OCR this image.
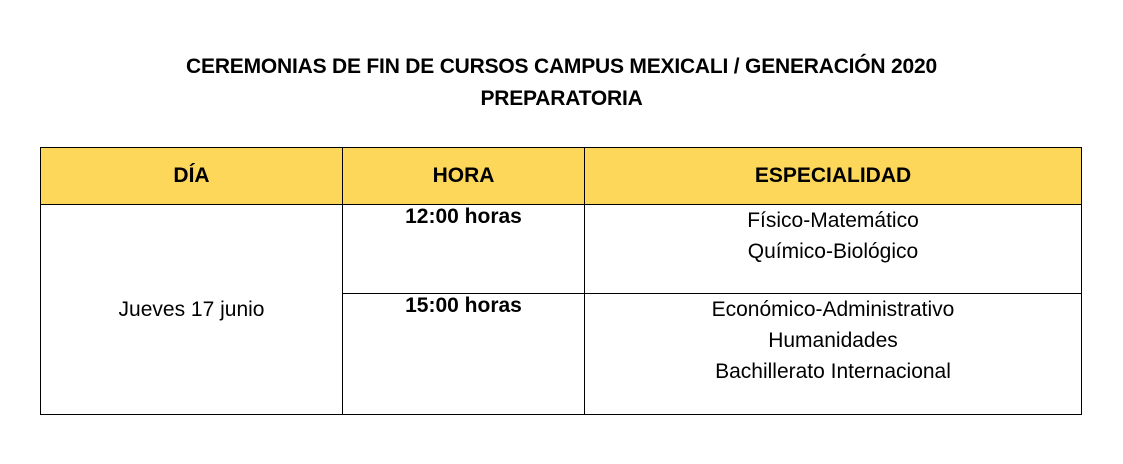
CEREMONIAS DE FIN DE CURSOS CAMPUS MEXICALI / GENERACIÓN 2020
PREPARATORIA
DÍA	HORA	ESPECIALIDAD
Jueves 17 junio	12:00 horas	Físico-Matemático
Químico-Biológico

	15:00 horas	Económico-Administrativo
Humanidades
Bachillerato Internacional
